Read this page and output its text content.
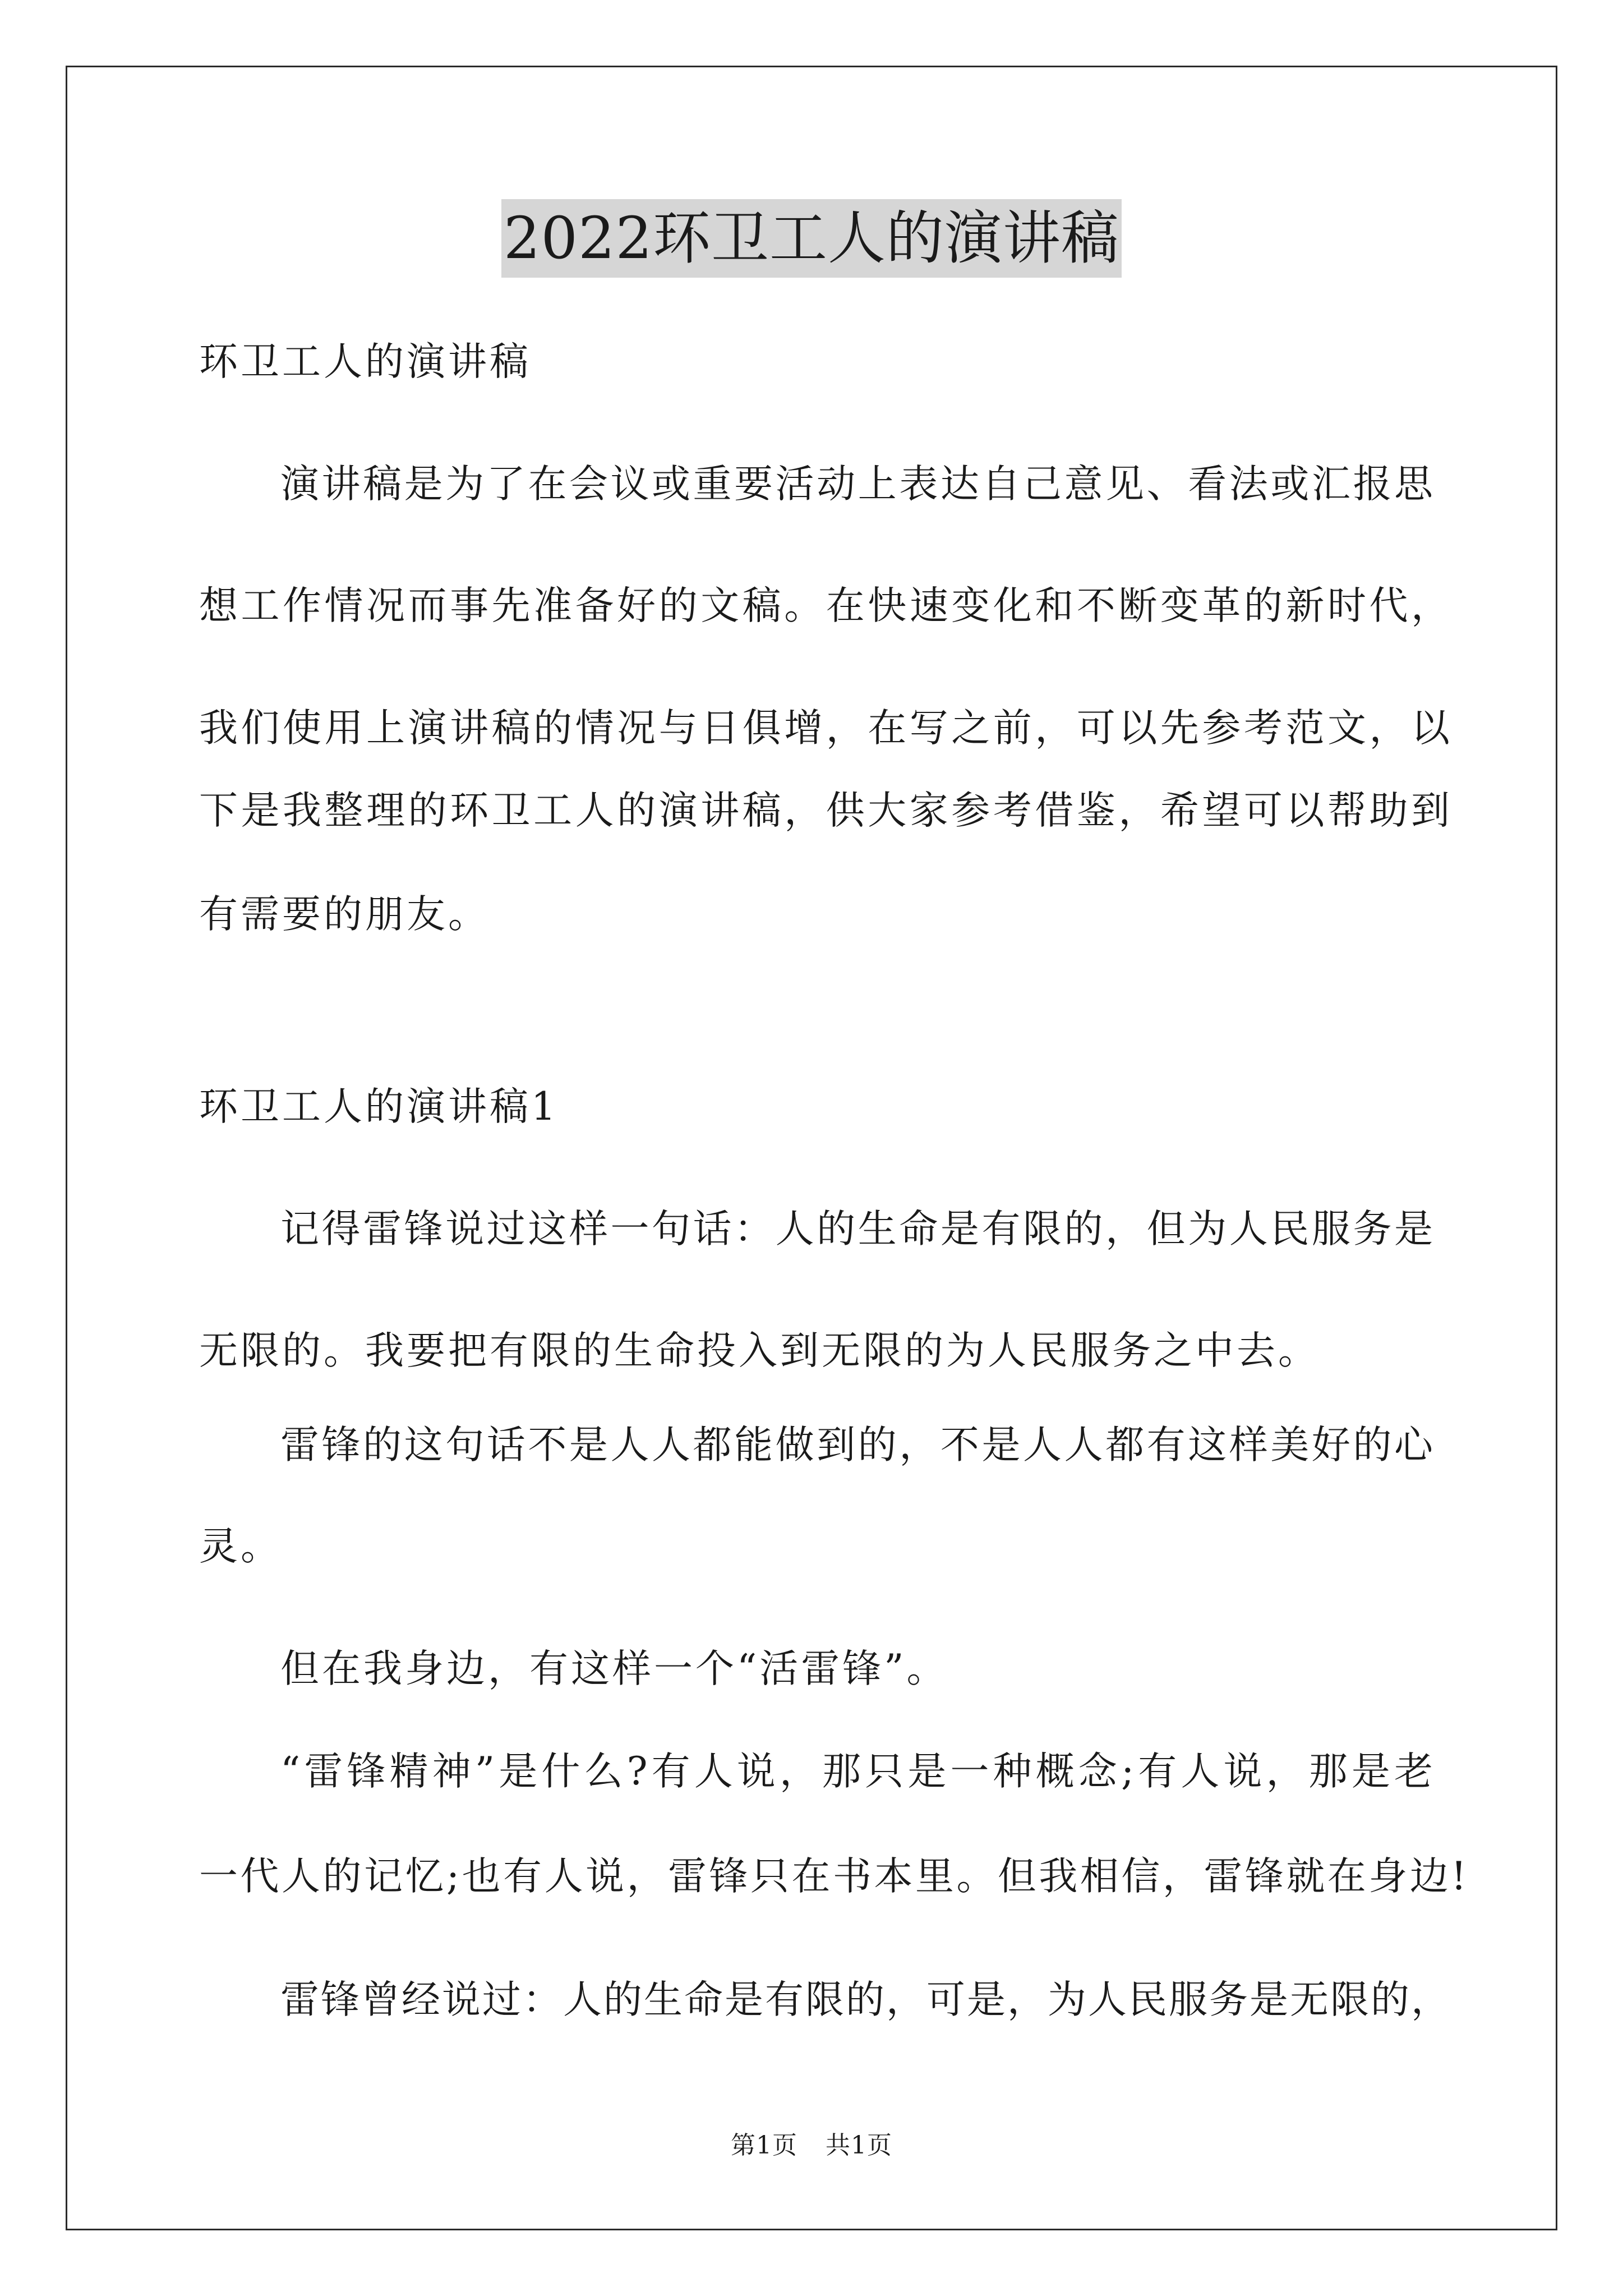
2022环卫工人的演讲稿

环卫工人的演讲稿

演讲稿是为了在会议或重要活动上表达自己意见、看法或汇报思

想工作情况而事先准备好的文稿。在快速变化和不断变革的新时代，

我们使用上演讲稿的情况与日俱增，在写之前，可以先参考范文，以

下是我整理的环卫工人的演讲稿，供大家参考借鉴，希望可以帮助到

有需要的朋友。

环卫工人的演讲稿1

记得雷锋说过这样一句话：人的生命是有限的，但为人民服务是

无限的。我要把有限的生命投入到无限的为人民服务之中去。

雷锋的这句话不是人人都能做到的，不是人人都有这样美好的心

灵。

但在我身边，有这样一个“活雷锋”。

“雷锋精神”是什么?有人说，那只是一种概念;有人说，那是老

一代人的记忆;也有人说，雷锋只在书本里。但我相信，雷锋就在身边!

雷锋曾经说过：人的生命是有限的，可是，为人民服务是无限的，

第1页 共1页
